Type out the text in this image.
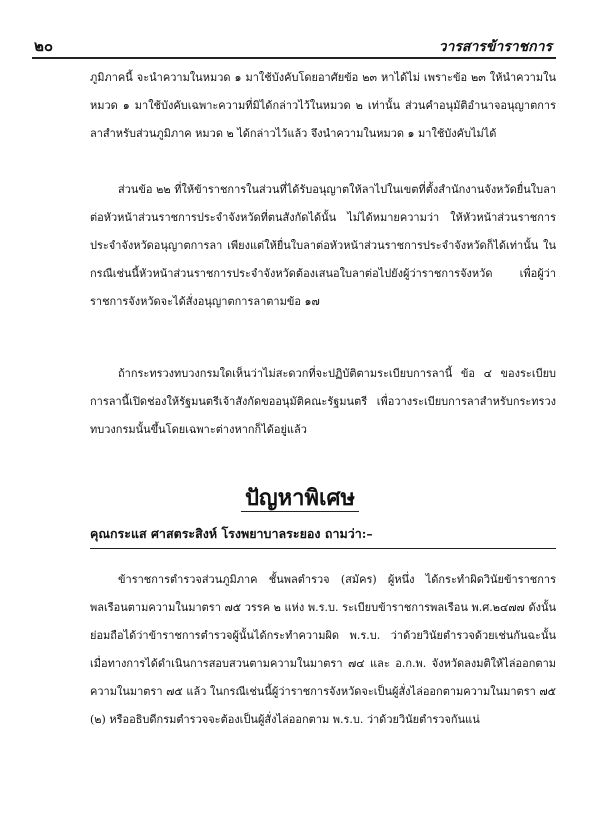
๒๐	วารสารข้าราชการ

ภูมิภาคนี้ จะนำความในหมวด ๑ มาใช้บังคับโดยอาศัยข้อ ๒๓ หาได้ไม่ เพราะข้อ ๒๓ ให้นำความในหมวด ๑ มาใช้บังคับเฉพาะความที่มิได้กล่าวไว้ในหมวด ๒ เท่านั้น ส่วนคำอนุมัติอำนาจอนุญาตการลาสำหรับส่วนภูมิภาค หมวด ๒ ได้กล่าวไว้แล้ว จึงนำความในหมวด ๑ มาใช้บังคับไม่ได้

ส่วนข้อ ๒๒ ที่ให้ข้าราชการในส่วนที่ได้รับอนุญาตให้ลาไปในเขตที่ตั้งสำนักงานจังหวัดยื่นใบลาต่อหัวหน้าส่วนราชการประจำจังหวัดที่ตนสังกัดได้นั้น ไม่ได้หมายความว่า ให้หัวหน้าส่วนราชการประจำจังหวัดอนุญาตการลา เพียงแต่ให้ยื่นใบลาต่อหัวหน้าส่วนราชการประจำจังหวัดก็ได้เท่านั้น ในกรณีเช่นนี้หัวหน้าส่วนราชการประจำจังหวัดต้องเสนอใบลาต่อไปยังผู้ว่าราชการจังหวัด เพื่อผู้ว่าราชการจังหวัดจะได้สั่งอนุญาตการลาตามข้อ ๑๗

ถ้ากระทรวงทบวงกรมใดเห็นว่าไม่สะดวกที่จะปฏิบัติตามระเบียบการลานี้ ข้อ ๔ ของระเบียบการลานี้เปิดช่องให้รัฐมนตรีเจ้าสังกัดขออนุมัติคณะรัฐมนตรี เพื่อวางระเบียบการลาสำหรับกระทรวงทบวงกรมนั้นขึ้นโดยเฉพาะต่างหากก็ได้อยู่แล้ว

ปัญหาพิเศษ
คุณกระแส ศาสตระสิงห์ โรงพยาบาลระยอง ถามว่า:–

ข้าราชการตำรวจส่วนภูมิภาค ชั้นพลตำรวจ (สมัคร) ผู้หนึ่ง ได้กระทำผิดวินัยข้าราชการพลเรือนตามความในมาตรา ๗๕ วรรค ๒ แห่ง พ.ร.บ. ระเบียบข้าราชการพลเรือน พ.ศ.๒๔๗๗ ดังนั้น ย่อมถือได้ว่าข้าราชการตำรวจผู้นั้นได้กระทำความผิด พ.ร.บ. ว่าด้วยวินัยตำรวจด้วยเช่นกันฉะนั้น เมื่อทางการได้ดำเนินการสอบสวนตามความในมาตรา ๗๔ และ อ.ก.พ. จังหวัดลงมติให้ไล่ออกตามความในมาตรา ๗๕ แล้ว ในกรณีเช่นนี้ผู้ว่าราชการจังหวัดจะเป็นผู้สั่งไล่ออกตามความในมาตรา ๗๕ (๒) หรืออธิบดีกรมตำรวจจะต้องเป็นผู้สั่งไล่ออกตาม พ.ร.บ. ว่าด้วยวินัยตำรวจกันแน่
